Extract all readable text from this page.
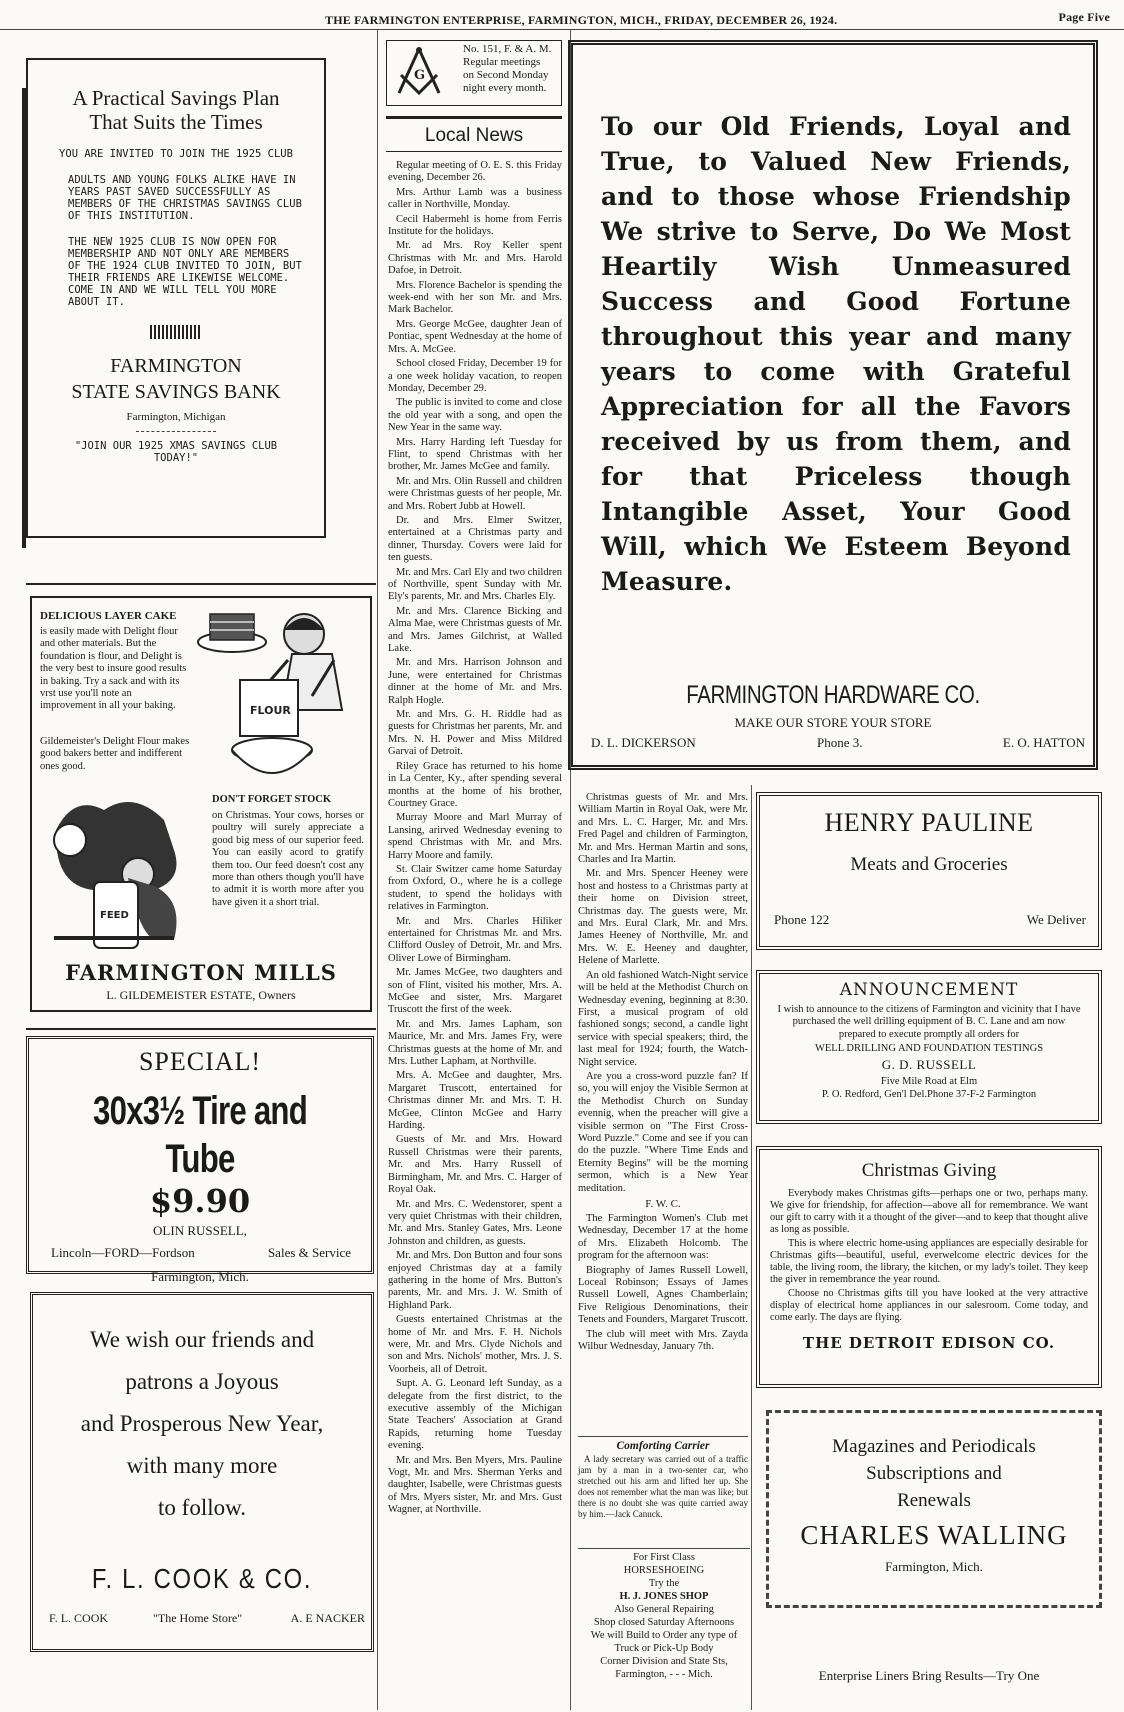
THE FARMINGTON ENTERPRISE, FARMINGTON, MICH., FRIDAY, DECEMBER 26, 1924.	Page Five
A Practical Savings Plan
That Suits the Times
YOU ARE INVITED TO JOIN THE 1925 CLUB
ADULTS AND YOUNG FOLKS ALIKE HAVE IN YEARS PAST SAVED SUCCESSFULLY AS MEMBERS OF THE CHRISTMAS SAVINGS CLUB OF THIS INSTITUTION.
THE NEW 1925 CLUB IS NOW OPEN FOR MEMBERSHIP AND NOT ONLY ARE MEMBERS OF THE 1924 CLUB INVITED TO JOIN, BUT THEIR FRIENDS ARE LIKEWISE WELCOME. COME IN AND WE WILL TELL YOU MORE ABOUT IT.
FARMINGTON
STATE SAVINGS BANK
Farmington, Michigan
"JOIN OUR 1925 XMAS SAVINGS CLUB TODAY!"
DELICIOUS LAYER CAKE
is easily made with Delight flour and other materials. But the foundation is flour, and Delight is the very best to insure good results in baking. Try a sack and with its vrst use you'll note an improvement in all your baking.
Gildemeister's Delight Flour makes good bakers better and indifferent ones good.
FLOUR
FEED
DON'T FORGET STOCK
on Christmas. Your cows, horses or poultry will surely appreciate a good big mess of our superior feed. You can easily acord to gratify them too. Our feed doesn't cost any more than others though you'll have to admit it is worth more after you have given it a short trial.
FARMINGTON MILLS
L. GILDEMEISTER ESTATE, Owners
SPECIAL!
30x3½ Tire and Tube
$9.90
OLIN RUSSELL,
Lincoln—FORD—Fordson	Sales & Service
Farmington, Mich.
We wish our friends and
patrons a Joyous
and Prosperous New Year,
with many more
to follow.
F. L. COOK & CO.
F. L. COOK	"The Home Store"	A. E NACKER
G
No. 151, F. & A. M.
Regular meetings
on Second Monday
night every month.
Local News

Regular meeting of O. E. S. this Friday evening, December 26.

Mrs. Arthur Lamb was a business caller in Northville, Monday.

Cecil Habermehl is home from Ferris Institute for the holidays.

Mr. ad Mrs. Roy Keller spent Christmas with Mr. and Mrs. Harold Dafoe, in Detroit.

Mrs. Florence Bachelor is spending the week-end with her son Mr. and Mrs. Mark Bachelor.

Mrs. George McGee, daughter Jean of Pontiac, spent Wednesday at the home of Mrs. A. McGee.

School closed Friday, December 19 for a one week holiday vacation, to reopen Monday, December 29.

The public is invited to come and close the old year with a song, and open the New Year in the same way.

Mrs. Harry Harding left Tuesday for Flint, to spend Christmas with her brother, Mr. James McGee and family.

Mr. and Mrs. Olin Russell and children were Christmas guests of her people, Mr. and Mrs. Robert Jubb at Howell.

Dr. and Mrs. Elmer Switzer, entertained at a Christmas party and dinner, Thursday. Covers were laid for ten guests.

Mr. and Mrs. Carl Ely and two children of Northville, spent Sunday with Mr. Ely's parents, Mr. and Mrs. Charles Ely.

Mr. and Mrs. Clarence Bicking and Alma Mae, were Christmas guests of Mr. and Mrs. James Gilchrist, at Walled Lake.

Mr. and Mrs. Harrison Johnson and June, were entertained for Christmas dinner at the home of Mr. and Mrs. Ralph Hogle.

Mr. and Mrs. G. H. Riddle had as guests for Christmas her parents, Mr. and Mrs. N. H. Power and Miss Mildred Garvai of Detroit.

Riley Grace has returned to his home in La Center, Ky., after spending several months at the home of his brother, Courtney Grace.

Murray Moore and Marl Murray of Lansing, arirved Wednesday evening to spend Christmas with Mr. and Mrs. Harry Moore and family.

St. Clair Switzer came home Saturday from Oxford, O., where he is a college student, to spend the holidays with relatives in Farmington.

Mr. and Mrs. Charles Hiliker entertained for Christmas Mr. and Mrs. Clifford Ousley of Detroit, Mr. and Mrs. Oliver Lowe of Birmingham.

Mr. James McGee, two daughters and son of Flint, visited his mother, Mrs. A. McGee and sister, Mrs. Margaret Truscott the first of the week.

Mr. and Mrs. James Lapham, son Maurice, Mr. and Mrs. James Fry, were Christmas guests at the home of Mr. and Mrs. Luther Lapham, at Northville.

Mrs. A. McGee and daughter, Mrs. Margaret Truscott, entertained for Christmas dinner Mr. and Mrs. T. H. McGee, Clinton McGee and Harry Harding.

Guests of Mr. and Mrs. Howard Russell Christmas were their parents, Mr. and Mrs. Harry Russell of Birmingham, Mr. and Mrs. C. Harger of Royal Oak.

Mr. and Mrs. C. Wedenstorer, spent a very quiet Christmas with their children, Mr. and Mrs. Stanley Gates, Mrs. Leone Johnston and children, as guests.

Mr. and Mrs. Don Button and four sons enjoyed Christmas day at a family gathering in the home of Mrs. Button's parents, Mr. and Mrs. J. W. Smith of Highland Park.

Guests entertained Christmas at the home of Mr. and Mrs. F. H. Nichols were, Mr. and Mrs. Clyde Nichols and son and Mrs. Nichols' mother, Mrs. J. S. Voorheis, all of Detroit.

Supt. A. G. Leonard left Sunday, as a delegate from the first district, to the executive assembly of the Michigan State Teachers' Association at Grand Rapids, returning home Tuesday evening.

Mr. and Mrs. Ben Myers, Mrs. Pauline Vogt, Mr. and Mrs. Sherman Yerks and daughter, Isabelle, were Christmas guests of Mrs. Myers sister, Mr. and Mrs. Gust Wagner, at Northville.

To our Old Friends, Loyal and True, to Valued New Friends, and to those whose Friendship We strive to Serve, Do We Most Heartily Wish Unmeasured Success and Good Fortune throughout this year and many years to come with Grateful Appreciation for all the Favors received by us from them, and for that Priceless though Intangible Asset, Your Good Will, which We Esteem Beyond Measure.
FARMINGTON HARDWARE CO.
MAKE OUR STORE YOUR STORE
D. L. DICKERSON	Phone 3.	E. O. HATTON

Christmas guests of Mr. and Mrs. William Martin in Royal Oak, were Mr. and Mrs. L. C. Harger, Mr. and Mrs. Fred Pagel and children of Farmington, Mr. and Mrs. Herman Martin and sons, Charles and Ira Martin.

Mr. and Mrs. Spencer Heeney were host and hostess to a Christmas party at their home on Division street, Christmas day. The guests were, Mr. and Mrs. Eural Clark, Mr. and Mrs. James Heeney of Northville, Mr. and Mrs. W. E. Heeney and daughter, Helene of Marlette.

An old fashioned Watch-Night service will be held at the Methodist Church on Wednesday evening, beginning at 8:30. First, a musical program of old fashioned songs; second, a candle light service with special speakers; third, the last meal for 1924; fourth, the Watch-Night service.

Are you a cross-word puzzle fan? If so, you will enjoy the Visible Sermon at the Methodist Church on Sunday evennig, when the preacher will give a visible sermon on "The First Cross-Word Puzzle." Come and see if you can do the puzzle. "Where Time Ends and Eternity Begins" will be the morning sermon, which is a New Year meditation.

F. W. C.

The Farmington Women's Club met Wednesday, December 17 at the home of Mrs. Elizabeth Holcomb. The program for the afternoon was:

Biography of James Russell Lowell, Loceal Robinson; Essays of James Russell Lowell, Agnes Chamberlain; Five Religious Denominations, their Tenets and Founders, Margaret Truscott.

The club will meet with Mrs. Zayda Wilbur Wednesday, January 7th.

Comforting Carrier
A lady secretary was carried out of a traffic jam by a man in a two-senter car, who stretched out his arm and lifted her up. She does not remember what the man was like; but there is no doubt she was quite carried away by him.—Jack Canuck.
For First Class
HORSESHOEING
Try the
H. J. JONES SHOP
Also General Repairing
Shop closed Saturday Afternoons
We will Build to Order any type of Truck or Pick-Up Body
Corner Division and State Sts,
Farmington, - - - Mich.
HENRY PAULINE
Meats and Groceries
Phone 122	We Deliver
ANNOUNCEMENT
I wish to announce to the citizens of Farmington and vicinity that I have purchased the well drilling equipment of B. C. Lane and am now prepared to execute promptly all orders for
WELL DRILLING AND FOUNDATION TESTINGS
G. D. RUSSELL
Five Mile Road at Elm
P. O. Redford, Gen'l Del.Phone 37-F-2 Farmington
Christmas Giving
Everybody makes Christmas gifts—perhaps one or two, perhaps many. We give for friendship, for affection—above all for remembrance. We want our gift to carry with it a thought of the giver—and to keep that thought alive as long as possible.
This is where electric home-using appliances are especially desirable for Christmas gifts—beautiful, useful, everwelcome electric devices for the table, the living room, the library, the kitchen, or my lady's toilet. They keep the giver in remembrance the year round.
Choose no Christmas gifts till you have looked at the very attractive display of electrical home appliances in our salesroom. Come today, and come early. The days are flying.
THE DETROIT EDISON CO.
Magazines and Periodicals
Subscriptions and
Renewals
CHARLES WALLING
Farmington, Mich.
Enterprise Liners Bring Results—Try One
